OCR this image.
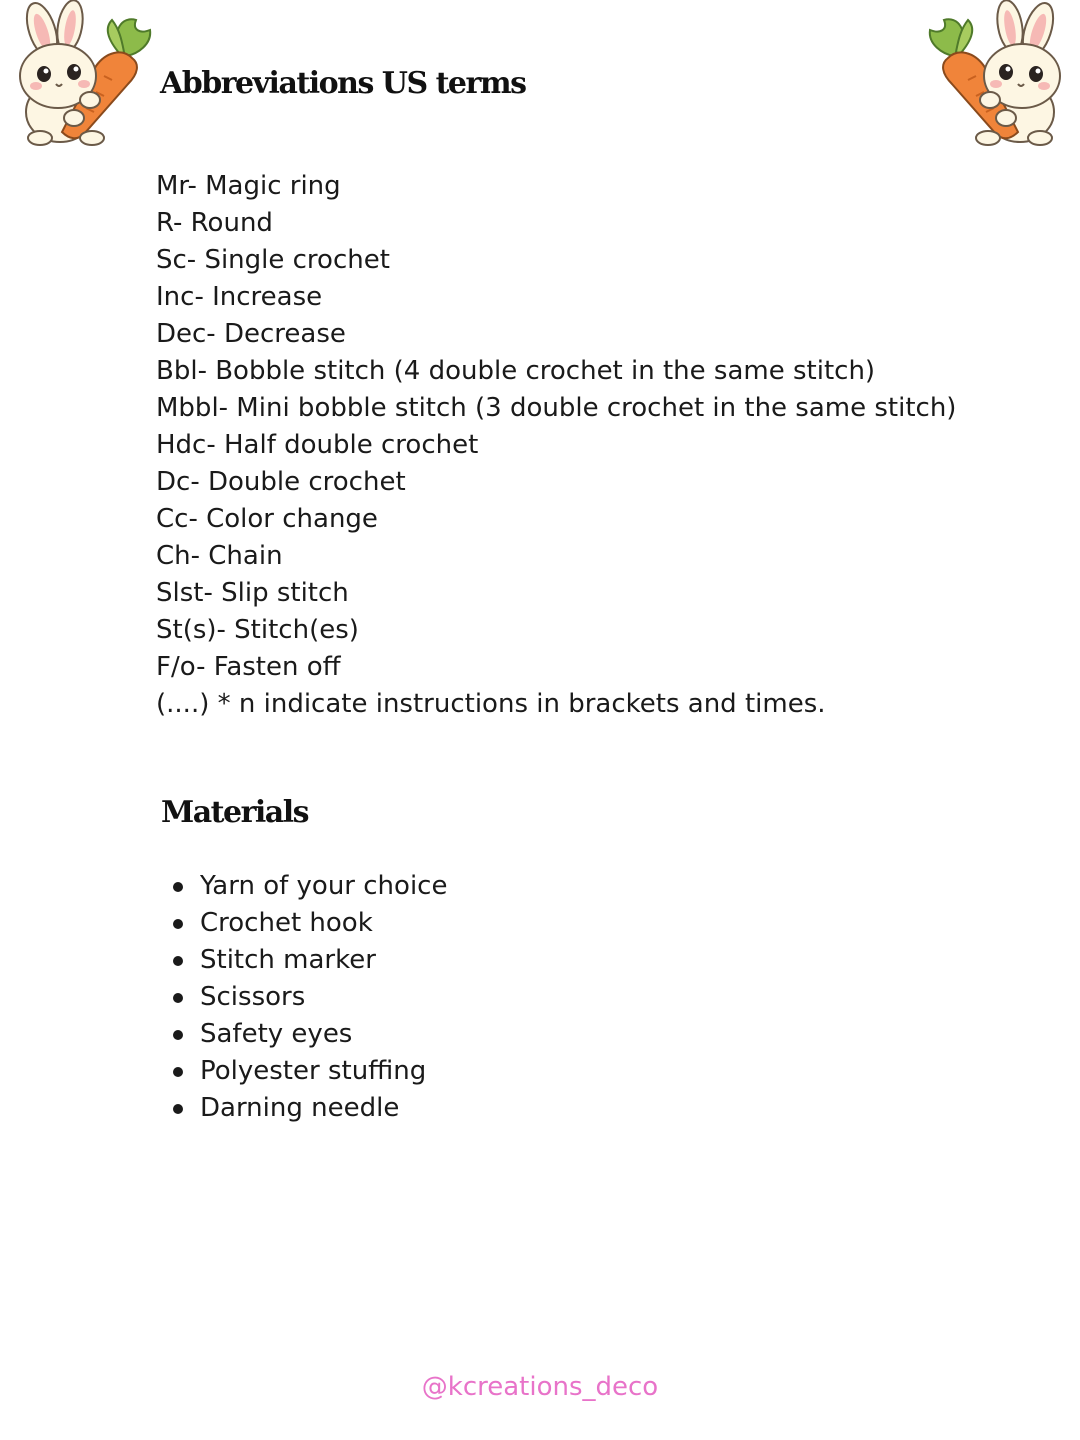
Abbreviations US terms
Mr- Magic ring
R- Round
Sc- Single crochet
Inc- Increase
Dec- Decrease
Bbl- Bobble stitch (4 double crochet in the same stitch)
Mbbl- Mini bobble stitch (3 double crochet in the same stitch)
Hdc- Half double crochet
Dc- Double crochet
Cc- Color change
Ch- Chain
Slst- Slip stitch
St(s)- Stitch(es)
F/o- Fasten off
(....) * n indicate instructions in brackets and times.
Materials
Yarn of your choice
Crochet hook
Stitch marker
Scissors
Safety eyes
Polyester stuffing
Darning needle
@kcreations_deco
